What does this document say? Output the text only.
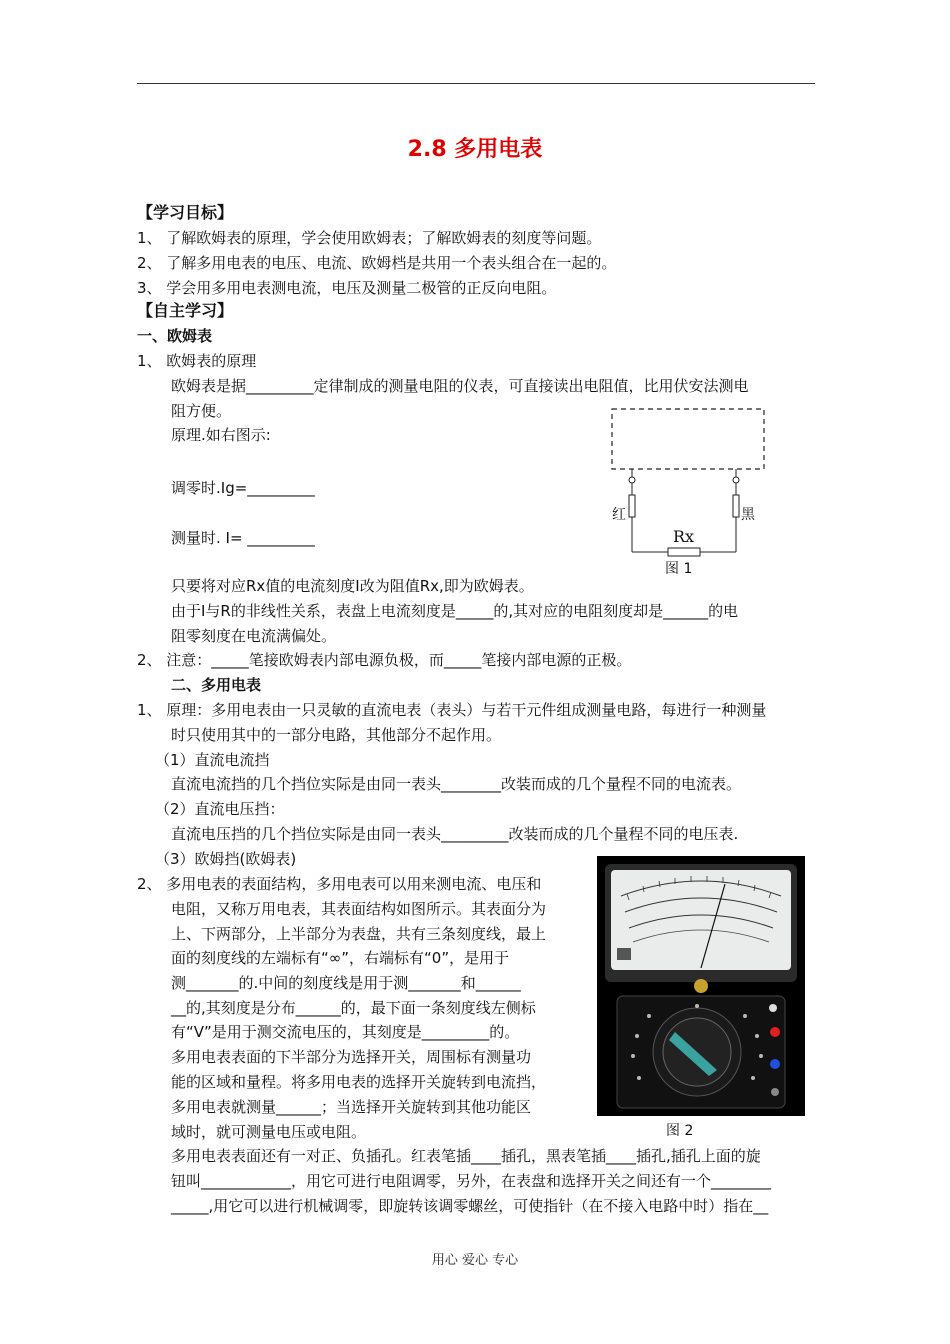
2.8 多用电表
【学习目标】
1、 了解欧姆表的原理，学会使用欧姆表；了解欧姆表的刻度等问题。
2、 了解多用电表的电压、电流、欧姆档是共用一个表头组合在一起的。
3、 学会用多用电表测电流，电压及测量二极管的正反向电阻。
【自主学习】
一、欧姆表
1、 欧姆表的原理
欧姆表是据_________定律制成的测量电阻的仪表，可直接读出电阻值，比用伏安法测电
阻方便。
原理.如右图示:
调零时.Ig=_________
测量时. I= _________
只要将对应Rx值的电流刻度Ⅰ改为阻值Rx,即为欧姆表。
由于I与R的非线性关系，表盘上电流刻度是_____的,其对应的电阻刻度却是______的电
阻零刻度在电流满偏处。
2、 注意：_____笔接欧姆表内部电源负极，而_____笔接内部电源的正极。
二、多用电表
1、 原理：多用电表由一只灵敏的直流电表（表头）与若干元件组成测量电路，每进行一种测量
时只使用其中的一部分电路，其他部分不起作用。
（1）直流电流挡
直流电流挡的几个挡位实际是由同一表头________改装而成的几个量程不同的电流表。
（2）直流电压挡：
直流电压挡的几个挡位实际是由同一表头_________改装而成的几个量程不同的电压表.
（3）欧姆挡(欧姆表)
2、 多用电表的表面结构，多用电表可以用来测电流、电压和
电阻，又称万用电表，其表面结构如图所示。其表面分为
上、下两部分，上半部分为表盘，共有三条刻度线，最上
面的刻度线的左端标有“∞”，右端标有“0”，是用于
测_______的.中间的刻度线是用于测_______和______
__的,其刻度是分布______的，最下面一条刻度线左侧标
有“V”是用于测交流电压的，其刻度是_________的。
多用电表表面的下半部分为选择开关，周围标有测量功
能的区域和量程。将多用电表的选择开关旋转到电流挡，
多用电表就测量______；当选择开关旋转到其他功能区
域时，就可测量电压或电阻。
多用电表表面还有一对正、负插孔。红表笔插____插孔，黑表笔插____插孔,插孔上面的旋
钮叫____________，用它可进行电阻调零，另外，在表盘和选择开关之间还有一个________
_____,用它可以进行机械调零，即旋转该调零螺丝，可使指针（在不接入电路中时）指在__
红	黑
Rx
图 1
图 2
用心 爱心 专心
